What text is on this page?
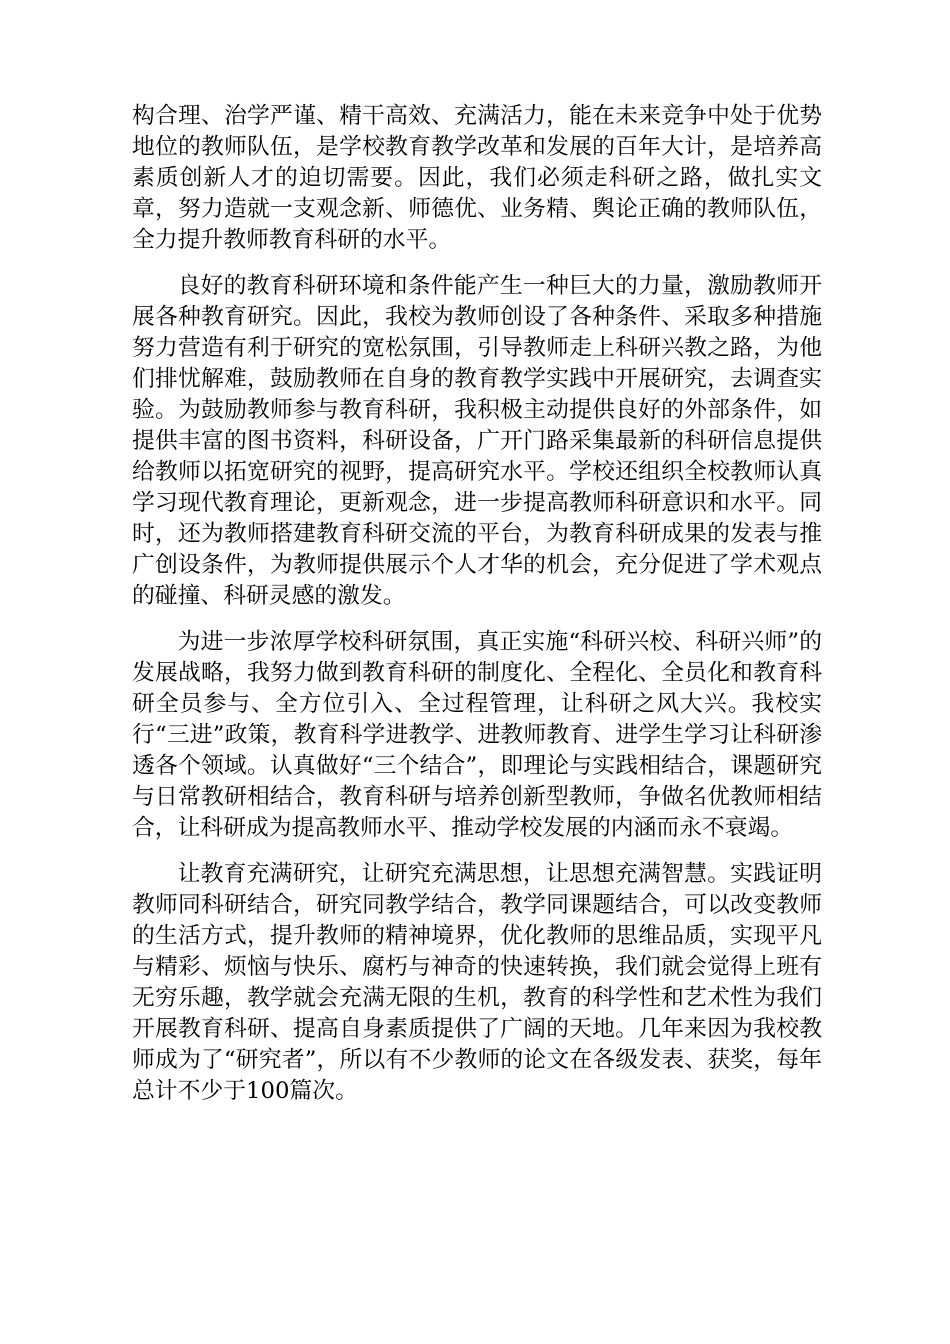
构合理、治学严谨、精干高效、充满活力，能在未来竞争中处于优势地位的教师队伍，是学校教育教学改革和发展的百年大计，是培养高素质创新人才的迫切需要。因此，我们必须走科研之路，做扎实文章，努力造就一支观念新、师德优、业务精、舆论正确的教师队伍，全力提升教师教育科研的水平。

良好的教育科研环境和条件能产生一种巨大的力量，激励教师开展各种教育研究。因此，我校为教师创设了各种条件、采取多种措施努力营造有利于研究的宽松氛围，引导教师走上科研兴教之路，为他们排忧解难，鼓励教师在自身的教育教学实践中开展研究，去调查实验。为鼓励教师参与教育科研，我积极主动提供良好的外部条件，如提供丰富的图书资料，科研设备，广开门路采集最新的科研信息提供给教师以拓宽研究的视野，提高研究水平。学校还组织全校教师认真学习现代教育理论，更新观念，进一步提高教师科研意识和水平。同时，还为教师搭建教育科研交流的平台，为教育科研成果的发表与推广创设条件，为教师提供展示个人才华的机会，充分促进了学术观点的碰撞、科研灵感的激发。

为进一步浓厚学校科研氛围，真正实施“科研兴校、科研兴师”的发展战略，我努力做到教育科研的制度化、全程化、全员化和教育科研全员参与、全方位引入、全过程管理，让科研之风大兴。我校实行“三进”政策，教育科学进教学、进教师教育、进学生学习让科研渗透各个领域。认真做好“三个结合”，即理论与实践相结合，课题研究与日常教研相结合，教育科研与培养创新型教师，争做名优教师相结合，让科研成为提高教师水平、推动学校发展的内涵而永不衰竭。

让教育充满研究，让研究充满思想，让思想充满智慧。实践证明教师同科研结合，研究同教学结合，教学同课题结合，可以改变教师的生活方式，提升教师的精神境界，优化教师的思维品质，实现平凡与精彩、烦恼与快乐、腐朽与神奇的快速转换，我们就会觉得上班有无穷乐趣，教学就会充满无限的生机，教育的科学性和艺术性为我们开展教育科研、提高自身素质提供了广阔的天地。几年来因为我校教师成为了“研究者”，所以有不少教师的论文在各级发表、获奖，每年总计不少于100篇次。
